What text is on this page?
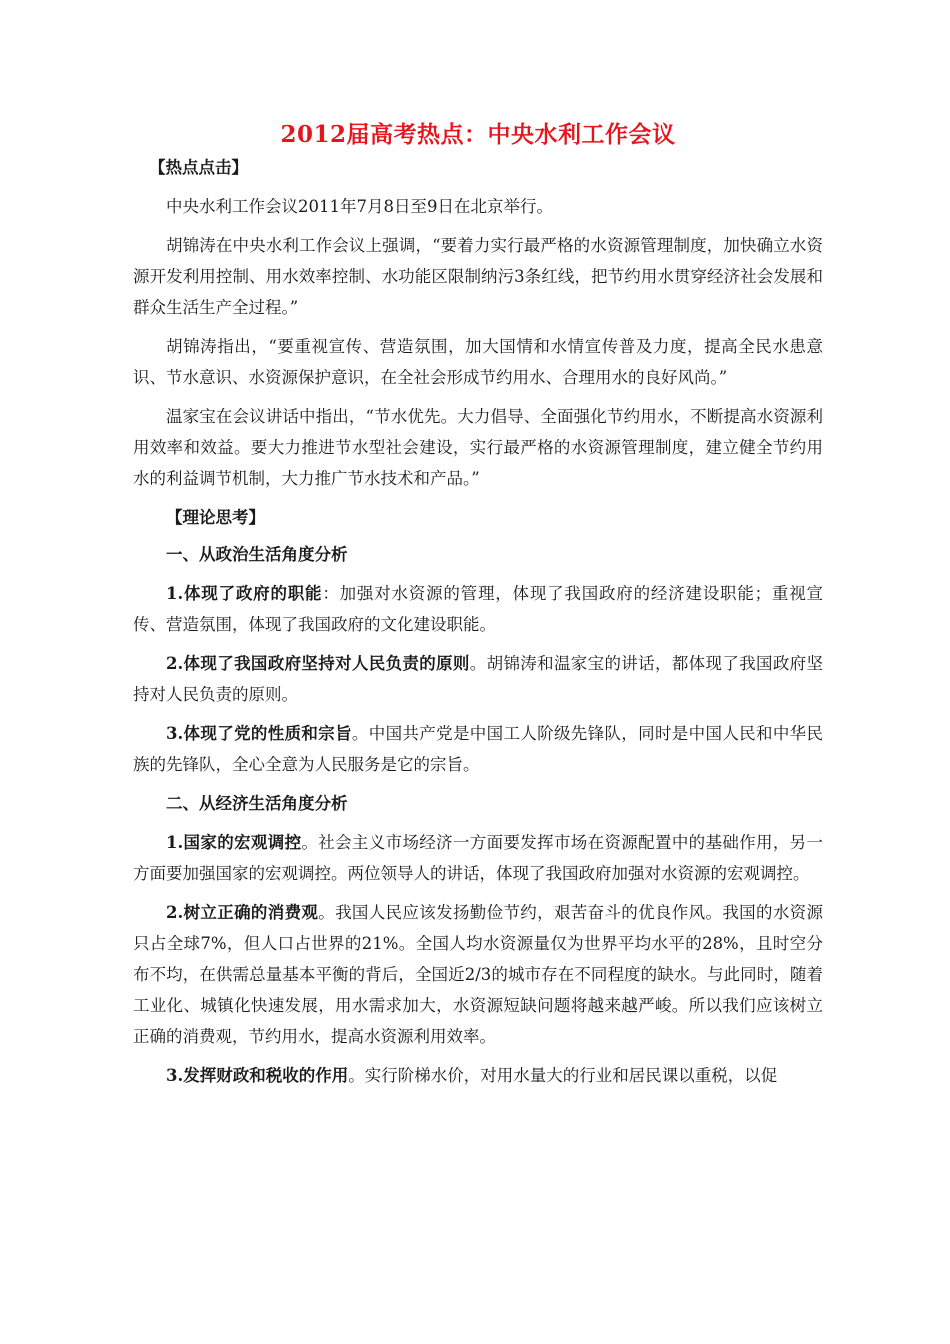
2012届高考热点：中央水利工作会议

【热点点击】

中央水利工作会议2011年7月8日至9日在北京举行。

胡锦涛在中央水利工作会议上强调，“要着力实行最严格的水资源管理制度，加快确立水资源开发利用控制、用水效率控制、水功能区限制纳污3条红线，把节约用水贯穿经济社会发展和群众生活生产全过程。”

胡锦涛指出，“要重视宣传、营造氛围，加大国情和水情宣传普及力度，提高全民水患意识、节水意识、水资源保护意识，在全社会形成节约用水、合理用水的良好风尚。”

温家宝在会议讲话中指出，“节水优先。大力倡导、全面强化节约用水，不断提高水资源利用效率和效益。要大力推进节水型社会建设，实行最严格的水资源管理制度，建立健全节约用水的利益调节机制，大力推广节水技术和产品。”

【理论思考】

一、从政治生活角度分析

1.体现了政府的职能：加强对水资源的管理，体现了我国政府的经济建设职能；重视宣传、营造氛围，体现了我国政府的文化建设职能。

2.体现了我国政府坚持对人民负责的原则。胡锦涛和温家宝的讲话，都体现了我国政府坚持对人民负责的原则。

3.体现了党的性质和宗旨。中国共产党是中国工人阶级先锋队，同时是中国人民和中华民族的先锋队，全心全意为人民服务是它的宗旨。

二、从经济生活角度分析

1.国家的宏观调控。社会主义市场经济一方面要发挥市场在资源配置中的基础作用，另一方面要加强国家的宏观调控。两位领导人的讲话，体现了我国政府加强对水资源的宏观调控。

2.树立正确的消费观。我国人民应该发扬勤俭节约，艰苦奋斗的优良作风。我国的水资源只占全球7%，但人口占世界的21%。全国人均水资源量仅为世界平均水平的28%，且时空分布不均，在供需总量基本平衡的背后，全国近2/3的城市存在不同程度的缺水。与此同时，随着工业化、城镇化快速发展，用水需求加大，水资源短缺问题将越来越严峻。所以我们应该树立正确的消费观，节约用水，提高水资源利用效率。

3.发挥财政和税收的作用。实行阶梯水价，对用水量大的行业和居民课以重税，以促
